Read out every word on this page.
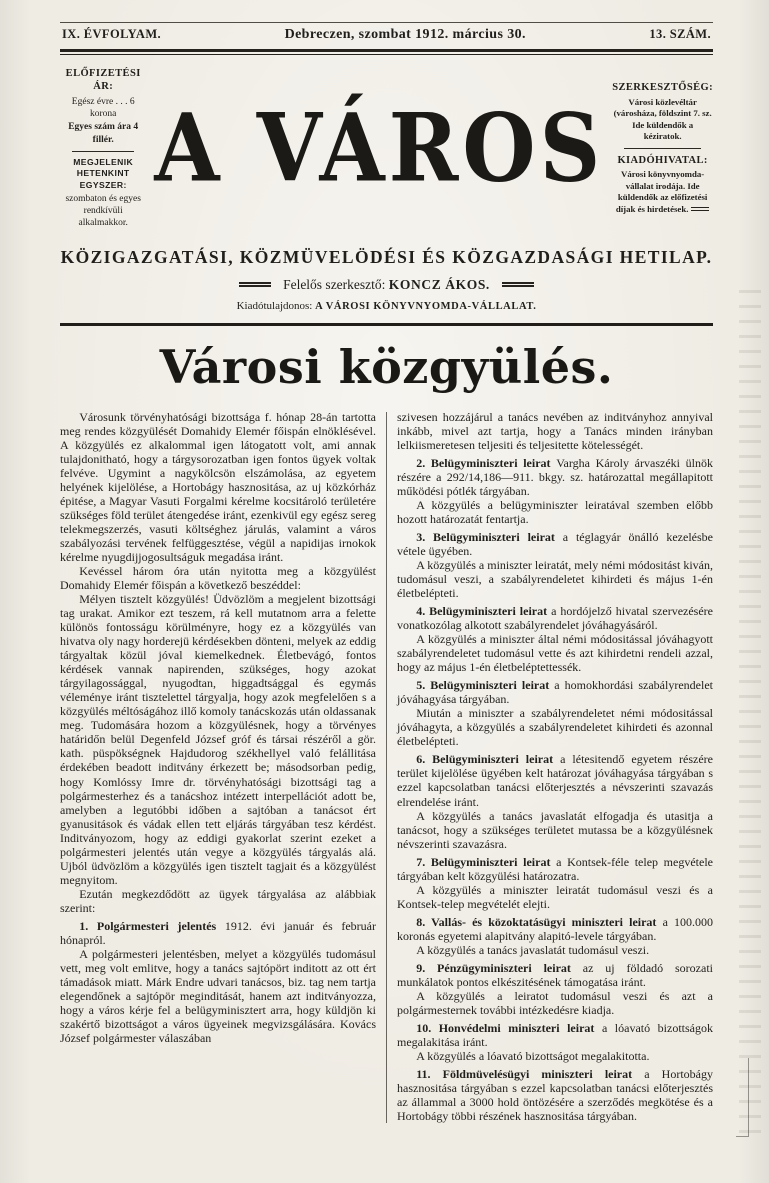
IX. ÉVFOLYAM.	Debreczen, szombat 1912. március 30.	13. SZÁM.
ELŐFIZETÉSI ÁR:
Egész évre . . . 6 korona
Egyes szám ára 4 fillér.
MEGJELENIK HETENKINT EGYSZER:
szombaton és egyes rendkívüli alkalmakkor.
A VÁROS
SZERKESZTŐSÉG:
Városi közlevéltár (városháza, földszint 7. sz. Ide küldendők a kéziratok.
KIADÓHIVATAL:
Városi könyvnyomda-vállalat irodája. Ide küldendők az előfizetési díjak és hirdetések.
KÖZIGAZGATÁSI, KÖZMÜVELÖDÉSI ÉS KÖZGAZDASÁGI HETILAP.
Felelős szerkesztő: KONCZ ÁKOS.
Kiadótulajdonos: A VÁROSI KÖNYVNYOMDA-VÁLLALAT.
Városi közgyülés.

Városunk törvényhatósági bizottsága f. hónap 28-án tartotta meg rendes közgyülését Domahidy Elemér főispán elnöklésével. A közgyülés ez alkalommal igen látogatott volt, ami annak tulajdonitható, hogy a tárgysorozatban igen fontos ügyek voltak felvéve. Ugymint a nagykölcsön elszámolása, az egyetem helyének kijelölése, a Hortobágy hasznositása, az uj közkórház épitése, a Magyar Vasuti Forgalmi kérelme kocsitároló területére szükséges föld terület átengedése iránt, ezenkivül egy egész sereg telekmegszerzés, vasuti költséghez járulás, valamint a város szabályozási tervének felfüggesztése, végül a napidijas irnokok kérelme nyugdijjogosultságuk megadása iránt.

Kevéssel három óra után nyitotta meg a közgyülést Domahidy Elemér főispán a következő beszéddel:

Mélyen tisztelt közgyülés! Üdvözlöm a megjelent bizottsági tag urakat. Amikor ezt teszem, rá kell mutatnom arra a felette különös fontosságu körülményre, hogy ez a közgyülés van hivatva oly nagy horderejü kérdésekben dönteni, melyek az eddig tárgyaltak közül jóval kiemelkednek. Életbevágó, fontos kérdések vannak napirenden, szükséges, hogy azokat tárgyilagossággal, nyugodtan, higgadtsággal és egymás véleménye iránt tisztelettel tárgyalja, hogy azok megfelelően s a közgyülés méltóságához illő komoly tanácskozás után oldassanak meg. Tudomására hozom a közgyülésnek, hogy a törvényes határidőn belül Degenfeld József gróf és társai részéről a gör. kath. püspökségnek Hajdudorog székhellyel való felállitása érdekében beadott inditvány érkezett be; másodsorban pedig, hogy Komlóssy Imre dr. törvényhatósági bizottsági tag a polgármesterhez és a tanácshoz intézett interpellációt adott be, amelyben a legutóbbi időben a sajtóban a tanácsot ért gyanusitások és vádak ellen tett eljárás tárgyában tesz kérdést. Inditványozom, hogy az eddigi gyakorlat szerint ezeket a polgármesteri jelentés után vegye a közgyülés tárgyalás alá. Ujból üdvözlöm a közgyülés igen tisztelt tagjait és a közgyülést megnyitom.

Ezután megkezdődött az ügyek tárgyalása az alábbiak szerint:

1. Polgármesteri jelentés 1912. évi január és február hónapról.

A polgármesteri jelentésben, melyet a közgyülés tudomásul vett, meg volt emlitve, hogy a tanács sajtópört inditott az ott ért támadások miatt. Márk Endre udvari tanácsos, biz. tag nem tartja elegendőnek a sajtópör meginditását, hanem azt inditványozza, hogy a város kérje fel a belügyminisztert arra, hogy küldjön ki szakértő bizottságot a város ügyeinek megvizsgálására. Kovács József polgármester válaszában

szivesen hozzájárul a tanács nevében az inditványhoz annyival inkább, mivel azt tartja, hogy a Tanács minden irányban lelkiismeretesen teljesiti és teljesitette kötelességét.

2. Belügyminiszteri leirat Vargha Károly árvaszéki ülnök részére a 292/14,186—911. bkgy. sz. határozattal megállapitott működési pótlék tárgyában.

A közgyülés a belügyminiszter leiratával szemben előbb hozott határozatát fentartja.

3. Belügyminiszteri leirat a téglagyár önálló kezelésbe vétele ügyében.

A közgyülés a miniszter leiratát, mely némi módositást kiván, tudomásul veszi, a szabályrendeletet kihirdeti és május 1-én életbelépteti.

4. Belügyminiszteri leirat a hordójelző hivatal szervezésére vonatkozólag alkotott szabályrendelet jóváhagyásáról.

A közgyülés a miniszter által némi módositással jóváhagyott szabályrendeletet tudomásul vette és azt kihirdetni rendeli azzal, hogy az május 1-én életbeléptettessék.

5. Belügyminiszteri leirat a homokhordási szabályrendelet jóváhagyása tárgyában.

Miután a miniszter a szabályrendeletet némi módositással jóváhagyta, a közgyülés a szabályrendeletet kihirdeti és azonnal életbelépteti.

6. Belügyminiszteri leirat a létesitendő egyetem részére terület kijelölése ügyében kelt határozat jóváhagyása tárgyában s ezzel kapcsolatban tanácsi előterjesztés a névszerinti szavazás elrendelése iránt.

A közgyülés a tanács javaslatát elfogadja és utasitja a tanácsot, hogy a szükséges területet mutassa be a közgyülésnek névszerinti szavazásra.

7. Belügyminiszteri leirat a Kontsek-féle telep megvétele tárgyában kelt közgyülési határozatra.

A közgyülés a miniszter leiratát tudomásul veszi és a Kontsek-telep megvételét elejti.

8. Vallás- és közoktatásügyi miniszteri leirat a 100.000 koronás egyetemi alapitvány alapitó-levele tárgyában.

A közgyülés a tanács javaslatát tudomásul veszi.

9. Pénzügyminiszteri leirat az uj földadó sorozati munkálatok pontos elkészitésének támogatása iránt.

A közgyülés a leiratot tudomásul veszi és azt a polgármesternek további intézkedésre kiadja.

10. Honvédelmi miniszteri leirat a lóavató bizottságok megalakitása iránt.

A közgyülés a lóavató bizottságot megalakitotta.

11. Földmüvelésügyi miniszteri leirat a Hortobágy hasznositása tárgyában s ezzel kapcsolatban tanácsi előterjesztés az állammal a 3000 hold öntözésére a szerződés megkötése és a Hortobágy többi részének hasznositása tárgyában.
